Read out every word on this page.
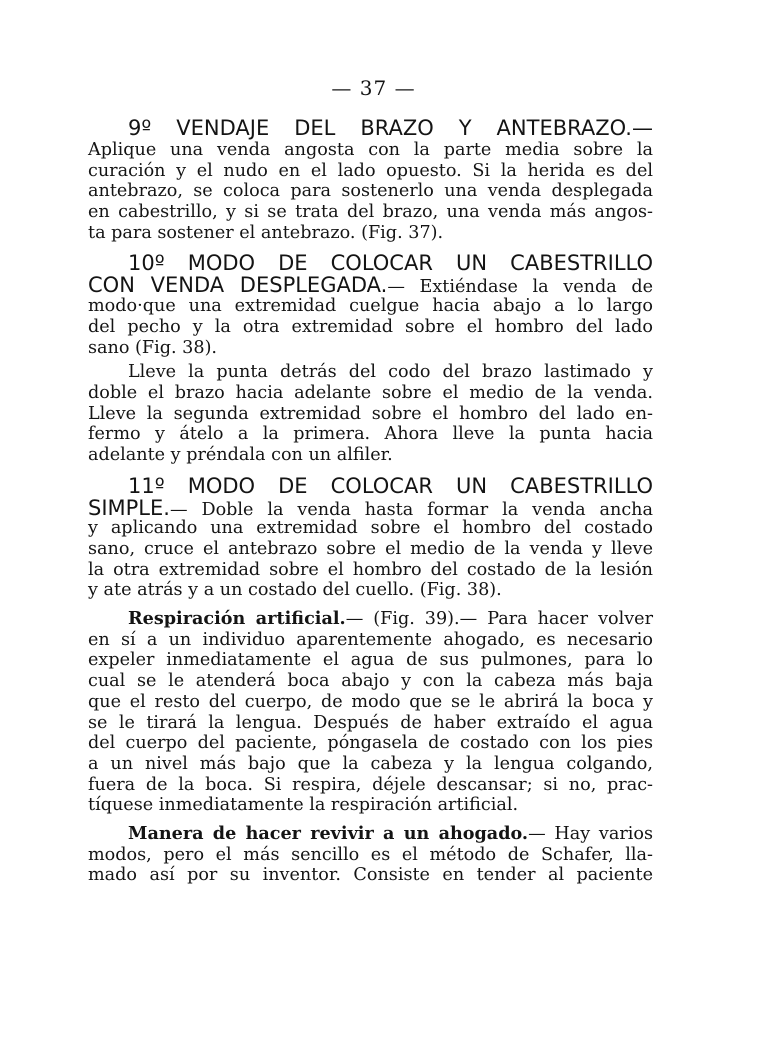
— 37 —
9º VENDAJE DEL BRAZO Y ANTEBRAZO.—
Aplique una venda angosta con la parte media sobre la
curación y el nudo en el lado opuesto. Si la herida es del
antebrazo, se coloca para sostenerlo una venda desplegada
en cabestrillo, y si se trata del brazo, una venda más angos-
ta para sostener el antebrazo. (Fig. 37).
10º MODO DE COLOCAR UN CABESTRILLO
CON VENDA DESPLEGADA.— Extiéndase la venda de
modo·que una extremidad cuelgue hacia abajo a lo largo
del pecho y la otra extremidad sobre el hombro del lado
sano (Fig. 38).
Lleve la punta detrás del codo del brazo lastimado y
doble el brazo hacia adelante sobre el medio de la venda.
Lleve la segunda extremidad sobre el hombro del lado en-
fermo y átelo a la primera. Ahora lleve la punta hacia
adelante y préndala con un alfiler.
11º MODO DE COLOCAR UN CABESTRILLO
SIMPLE.— Doble la venda hasta formar la venda ancha
y aplicando una extremidad sobre el hombro del costado
sano, cruce el antebrazo sobre el medio de la venda y lleve
la otra extremidad sobre el hombro del costado de la lesión
y ate atrás y a un costado del cuello. (Fig. 38).
Respiración artificial.— (Fig. 39).— Para hacer volver
en sí a un individuo aparentemente ahogado, es necesario
expeler inmediatamente el agua de sus pulmones, para lo
cual se le atenderá boca abajo y con la cabeza más baja
que el resto del cuerpo, de modo que se le abrirá la boca y
se le tirará la lengua. Después de haber extraído el agua
del cuerpo del paciente, póngasela de costado con los pies
a un nivel más bajo que la cabeza y la lengua colgando,
fuera de la boca. Si respira, déjele descansar; si no, prac-
tíquese inmediatamente la respiración artificial.
Manera de hacer revivir a un ahogado.— Hay varios
modos, pero el más sencillo es el método de Schafer, lla-
mado así por su inventor. Consiste en tender al paciente
